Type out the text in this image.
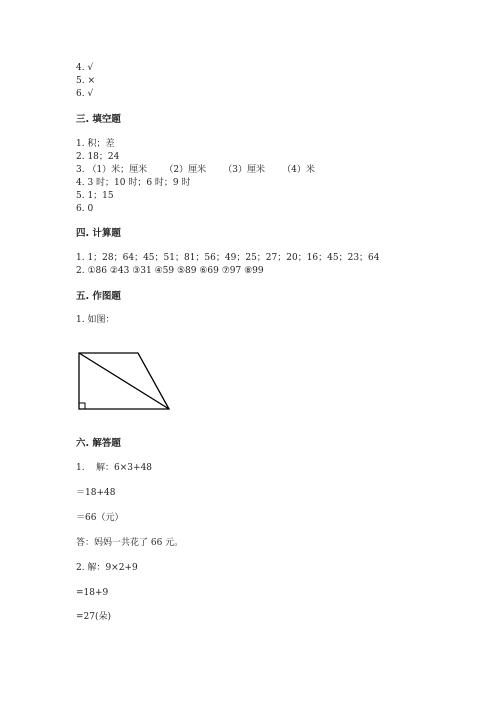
4. √
5. ×
6. √
三. 填空题
1. 积；差
2. 18；24
3. （1）米；厘米      （2）厘米      （3）厘米      （4）米
4. 3 时；10 时；6 时；9 时
5. 1；15
6. 0
四. 计算题
1. 1；28；64；45；51；81；56；49；25；27；20；16；45；23；64
2. ①86 ②43 ③31 ④59 ⑤89 ⑥69 ⑦97 ⑧99
五. 作图题
1. 如图：
六. 解答题
1.    解：6×3+48
＝18+48
＝66（元）
答：妈妈一共花了 66 元。
2. 解：9×2+9
=18+9
=27(朵)
